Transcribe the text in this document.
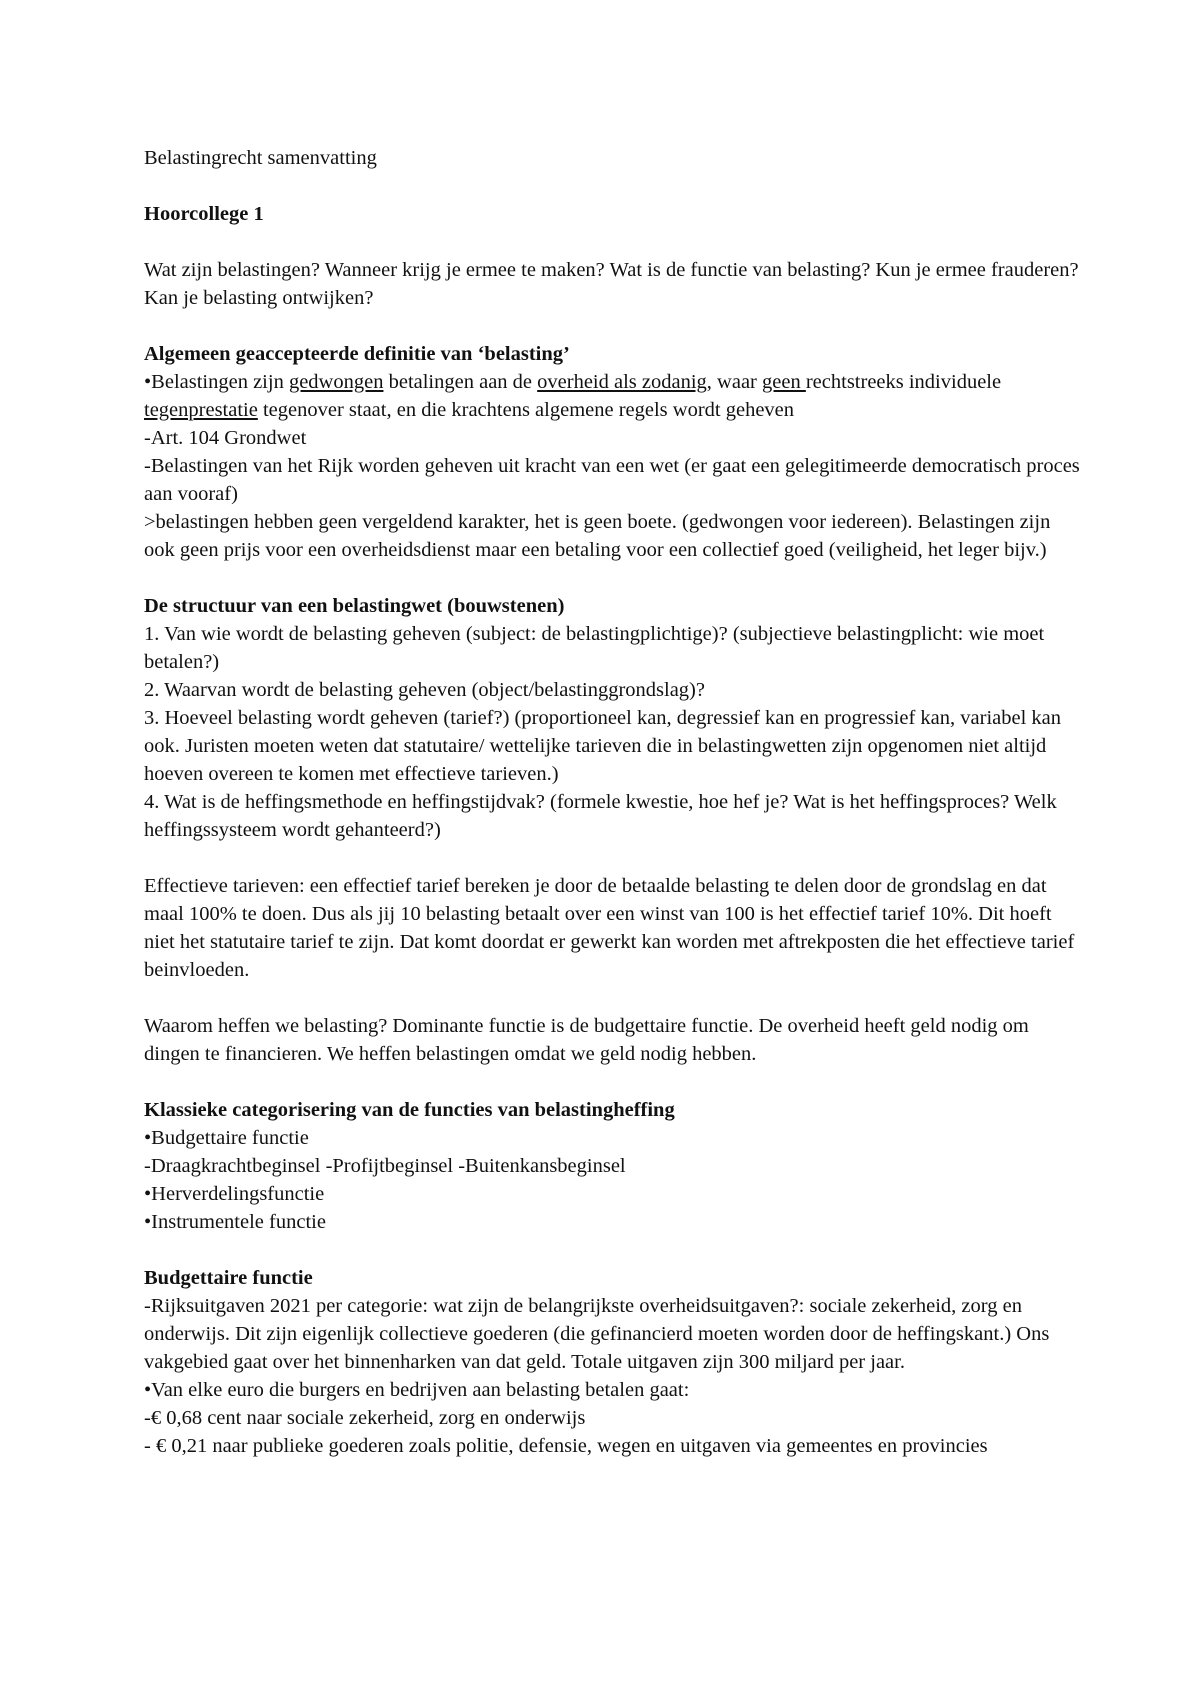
Belastingrecht samenvatting

Hoorcollege 1

Wat zijn belastingen? Wanneer krijg je ermee te maken? Wat is de functie van belasting? Kun je ermee frauderen? Kan je belasting ontwijken?

Algemeen geaccepteerde definitie van ‘belasting’

•Belastingen zijn gedwongen betalingen aan de overheid als zodanig, waar geen rechtstreeks individuele tegenprestatie tegenover staat, en die krachtens algemene regels wordt geheven

-Art. 104 Grondwet

-Belastingen van het Rijk worden geheven uit kracht van een wet (er gaat een gelegitimeerde democratisch proces aan vooraf)

>belastingen hebben geen vergeldend karakter, het is geen boete. (gedwongen voor iedereen). Belastingen zijn ook geen prijs voor een overheidsdienst maar een betaling voor een collectief goed (veiligheid, het leger bijv.)

De structuur van een belastingwet (bouwstenen)

1. Van wie wordt de belasting geheven (subject: de belastingplichtige)? (subjectieve belastingplicht: wie moet betalen?)

2. Waarvan wordt de belasting geheven (object/belastinggrondslag)?

3. Hoeveel belasting wordt geheven (tarief?) (proportioneel kan, degressief kan en progressief kan, variabel kan ook. Juristen moeten weten dat statutaire/ wettelijke tarieven die in belastingwetten zijn opgenomen niet altijd hoeven overeen te komen met effectieve tarieven.)

4. Wat is de heffingsmethode en heffingstijdvak? (formele kwestie, hoe hef je? Wat is het heffingsproces? Welk heffingssysteem wordt gehanteerd?)

Effectieve tarieven: een effectief tarief bereken je door de betaalde belasting te delen door de grondslag en dat maal 100% te doen. Dus als jij 10 belasting betaalt over een winst van 100 is het effectief tarief 10%. Dit hoeft niet het statutaire tarief te zijn. Dat komt doordat er gewerkt kan worden met aftrekposten die het effectieve tarief beinvloeden.

Waarom heffen we belasting? Dominante functie is de budgettaire functie. De overheid heeft geld nodig om dingen te financieren. We heffen belastingen omdat we geld nodig hebben.

Klassieke categorisering van de functies van belastingheffing

•Budgettaire functie

-Draagkrachtbeginsel -Profijtbeginsel -Buitenkansbeginsel

•Herverdelingsfunctie

•Instrumentele functie

Budgettaire functie

-Rijksuitgaven 2021 per categorie: wat zijn de belangrijkste overheidsuitgaven?: sociale zekerheid, zorg en onderwijs. Dit zijn eigenlijk collectieve goederen (die gefinancierd moeten worden door de heffingskant.) Ons vakgebied gaat over het binnenharken van dat geld. Totale uitgaven zijn 300 miljard per jaar.

•Van elke euro die burgers en bedrijven aan belasting betalen gaat:

-€ 0,68 cent naar sociale zekerheid, zorg en onderwijs

- € 0,21 naar publieke goederen zoals politie, defensie, wegen en uitgaven via gemeentes en provincies
